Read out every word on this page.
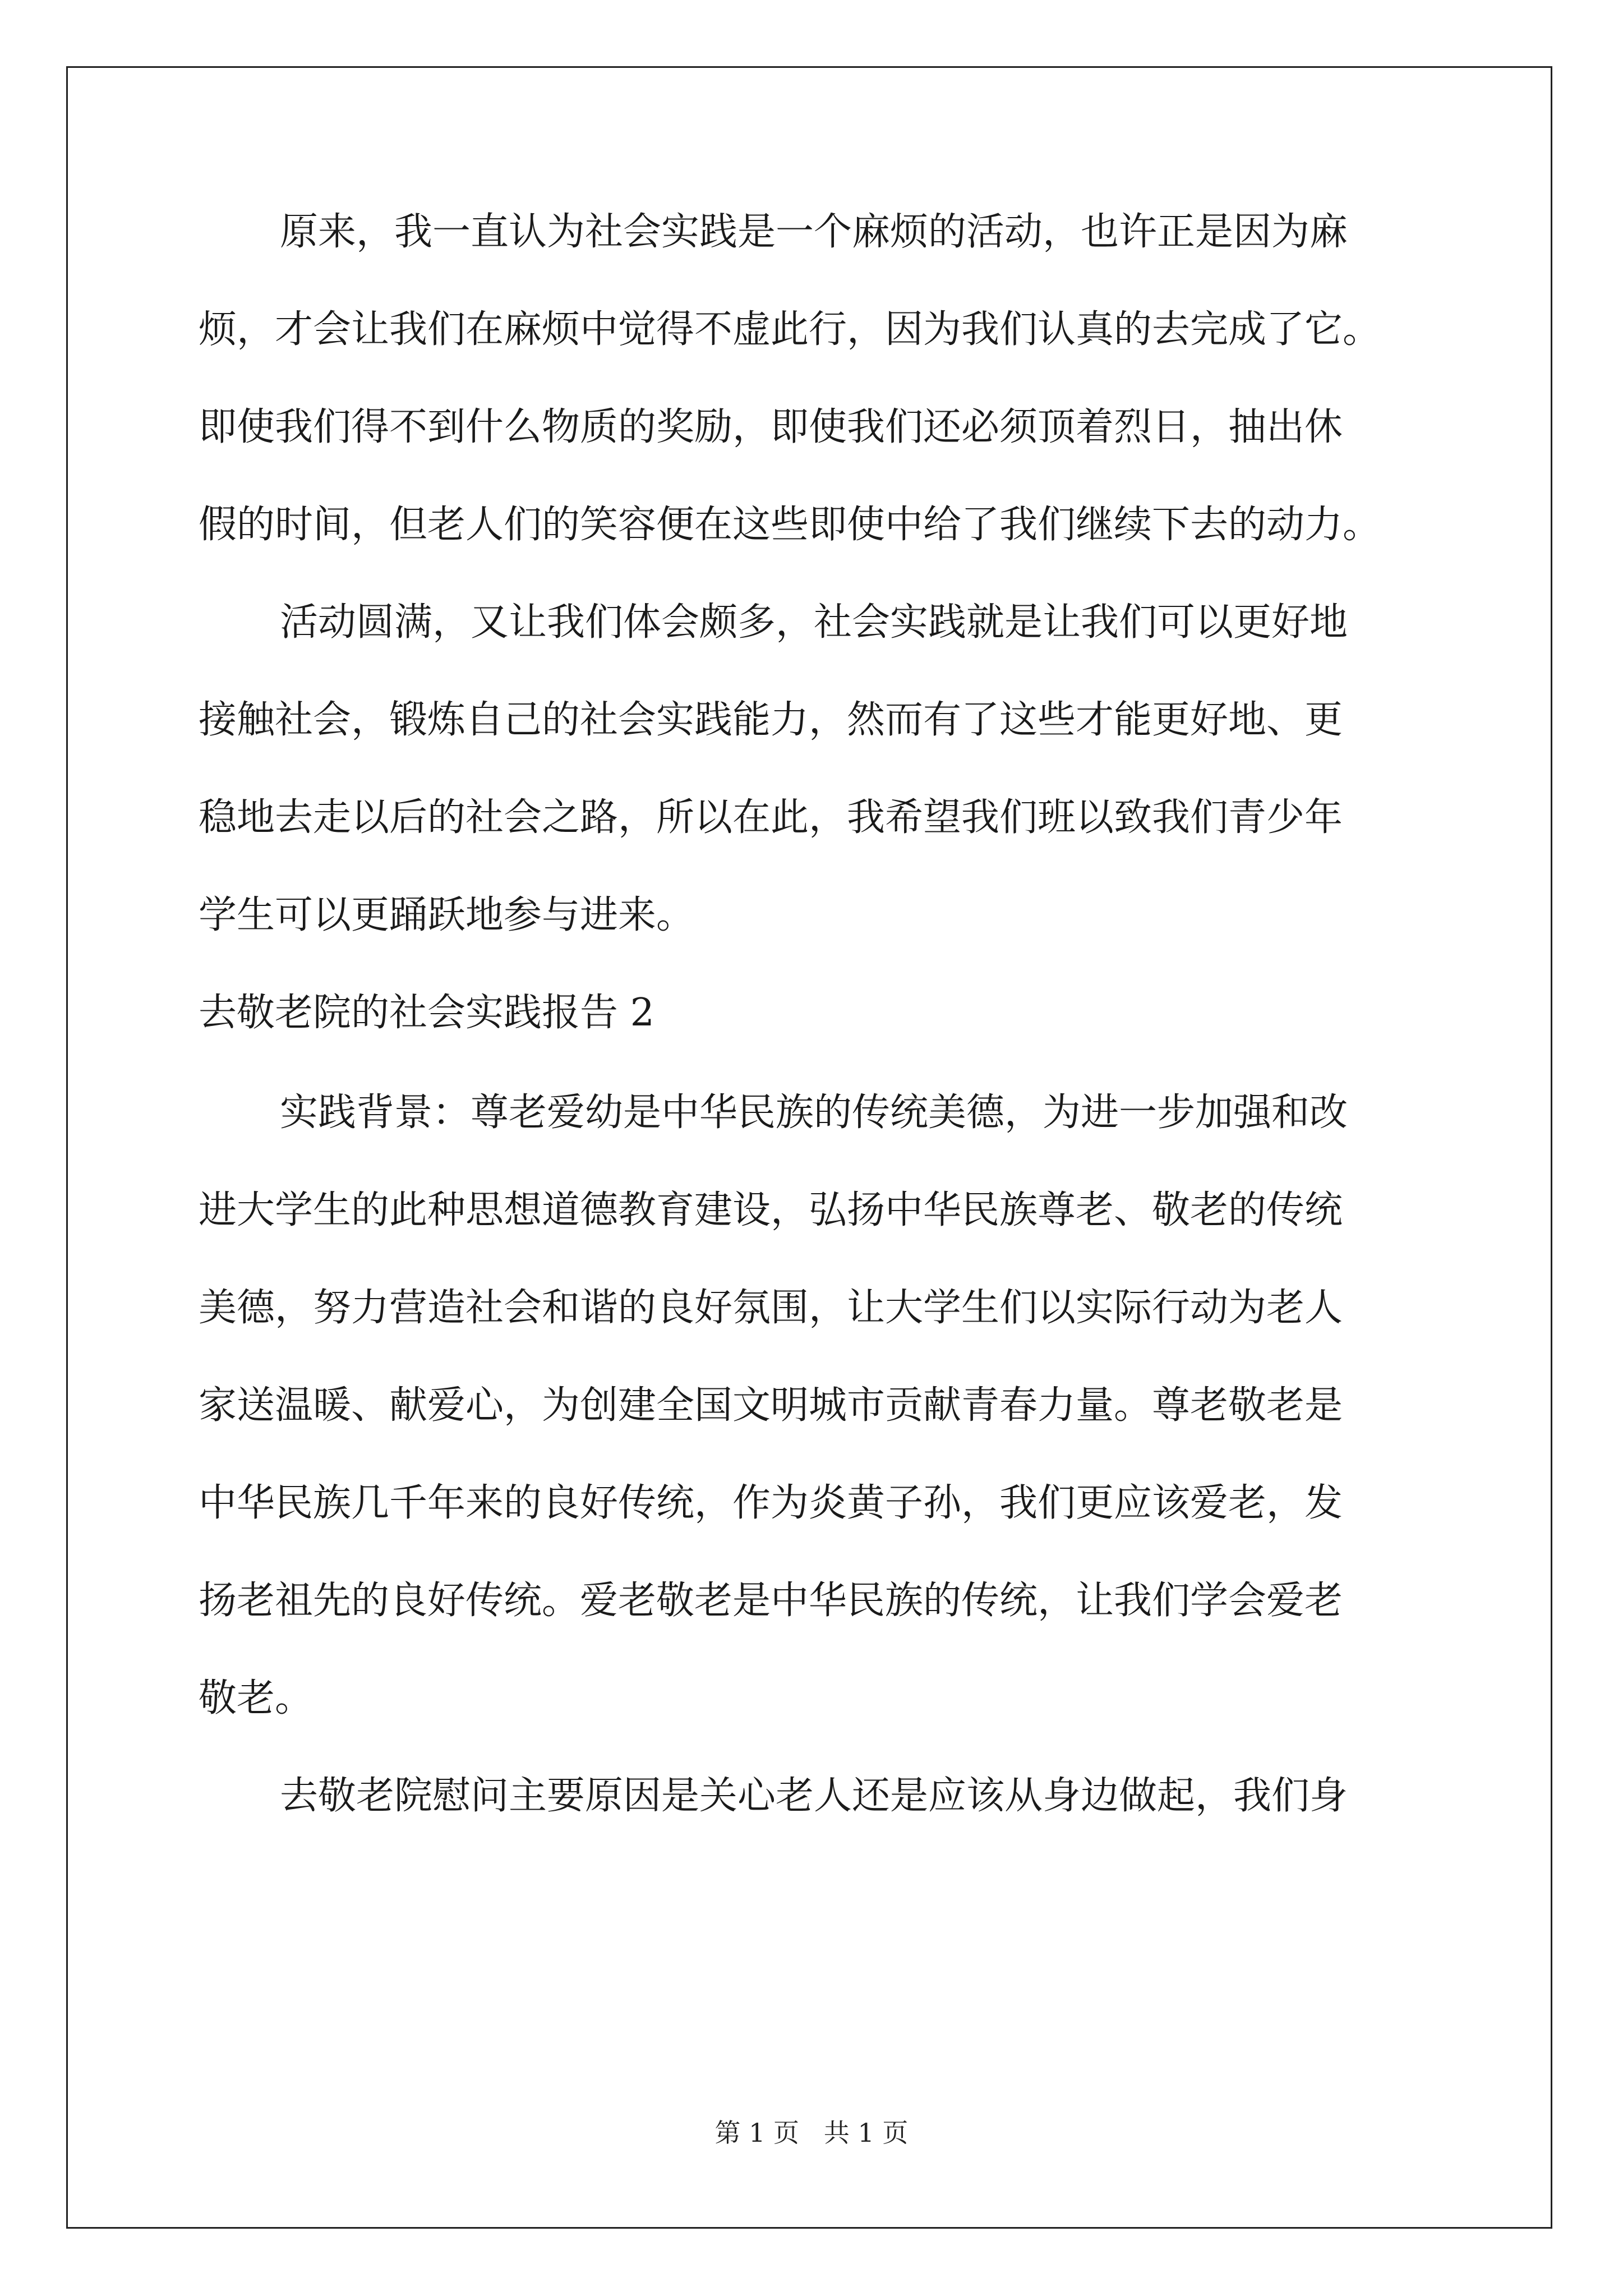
原来，我一直认为社会实践是一个麻烦的活动，也许正是因为麻
烦，才会让我们在麻烦中觉得不虚此行，因为我们认真的去完成了它。
即使我们得不到什么物质的奖励，即使我们还必须顶着烈日，抽出休
假的时间，但老人们的笑容便在这些即使中给了我们继续下去的动力。
活动圆满，又让我们体会颇多，社会实践就是让我们可以更好地
接触社会，锻炼自己的社会实践能力，然而有了这些才能更好地、更
稳地去走以后的社会之路，所以在此，我希望我们班以致我们青少年
学生可以更踊跃地参与进来。
去敬老院的社会实践报告 2
实践背景：尊老爱幼是中华民族的传统美德，为进一步加强和改
进大学生的此种思想道德教育建设，弘扬中华民族尊老、敬老的传统
美德，努力营造社会和谐的良好氛围，让大学生们以实际行动为老人
家送温暖、献爱心，为创建全国文明城市贡献青春力量。尊老敬老是
中华民族几千年来的良好传统，作为炎黄子孙，我们更应该爱老，发
扬老祖先的良好传统。爱老敬老是中华民族的传统，让我们学会爱老
敬老。
去敬老院慰问主要原因是关心老人还是应该从身边做起，我们身
第 1 页   共 1 页
